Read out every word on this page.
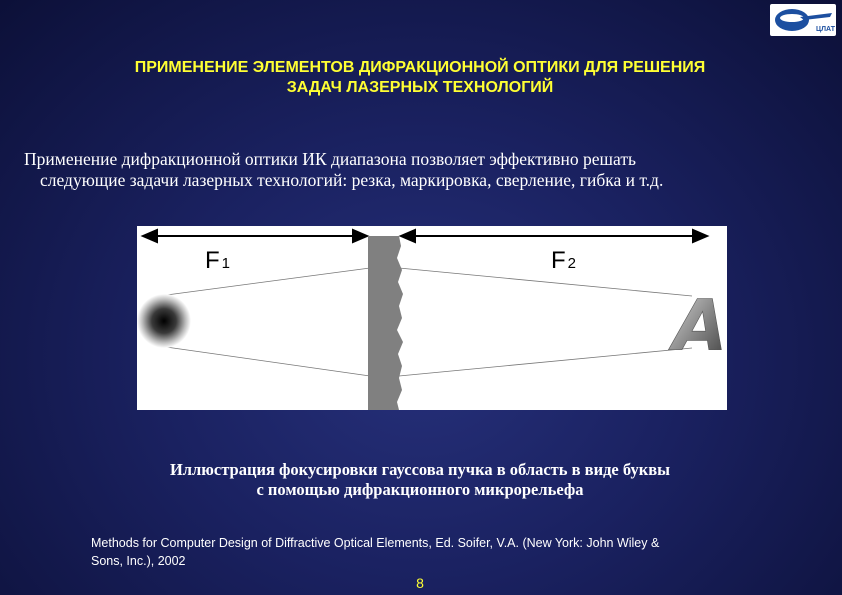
ЦЛАТ
ПРИМЕНЕНИЕ ЭЛЕМЕНТОВ ДИФРАКЦИОННОЙ ОПТИКИ ДЛЯ РЕШЕНИЯ
ЗАДАЧ ЛАЗЕРНЫХ ТЕХНОЛОГИЙ
Применение дифракционной оптики ИК диапазона позволяет эффективно решать
следующие задачи лазерных технологий: резка, маркировка, сверление, гибка и т.д.
F 1	F 2
A
Иллюстрация фокусировки гауссова пучка в область в виде буквы
с помощью дифракционного микрорельефа
Methods for Computer Design of Diffractive Optical Elements, Ed. Soifer, V.A. (New York: John Wiley &
Sons, Inc.), 2002
8
